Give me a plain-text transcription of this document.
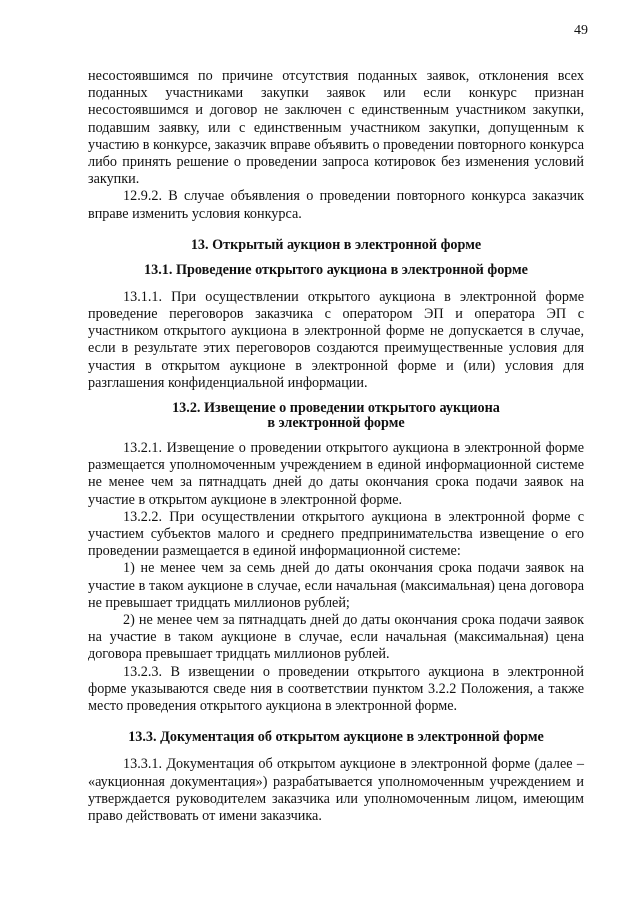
49

несостоявшимся по причине отсутствия поданных заявок, отклонения всех поданных участниками закупки заявок или если конкурс признан несостоявшимся и договор не заключен с единственным участником закупки, подавшим заявку, или с единственным участником закупки, допущенным к участию в конкурсе, заказчик вправе объявить о проведении повторного конкурса либо принять решение о проведении запроса котировок без изменения условий закупки.

12.9.2. В случае объявления о проведении повторного конкурса заказчик вправе изменить условия конкурса.

13. Открытый аукцион в электронной форме
13.1. Проведение открытого аукциона в электронной форме

13.1.1. При осуществлении открытого аукциона в электронной форме проведение переговоров заказчика с оператором ЭП и оператора ЭП с участником открытого аукциона в электронной форме не допускается в случае, если в результате этих переговоров создаются преимущественные условия для участия в открытом аукционе в электронной форме и (или) условия для разглашения конфиденциальной информации.

13.2. Извещение о проведении открытого аукциона
в электронной форме

13.2.1. Извещение о проведении открытого аукциона в электронной форме размещается уполномоченным учреждением в единой информационной системе не менее чем за пятнадцать дней до даты окончания срока подачи заявок на участие в открытом аукционе в электронной форме.

13.2.2. При осуществлении открытого аукциона в электронной форме с участием субъектов малого и среднего предпринимательства извещение о его проведении размещается в единой информационной системе:

1) не менее чем за семь дней до даты окончания срока подачи заявок на участие в таком аукционе в случае, если начальная (максимальная) цена договора не превышает тридцать миллионов рублей;

2) не менее чем за пятнадцать дней до даты окончания срока подачи заявок на участие в таком аукционе в случае, если начальная (максимальная) цена договора превышает тридцать миллионов рублей.

13.2.3. В извещении о проведении открытого аукциона в электронной форме указываются сведе ния в соответствии пунктом 3.2.2 Положения, а также место проведения открытого аукциона в электронной форме.

13.3. Документация об открытом аукционе в электронной форме

13.3.1. Документация об открытом аукционе в электронной форме (далее – «аукционная документация») разрабатывается уполномоченным учреждением и утверждается руководителем заказчика или уполномоченным лицом, имеющим право действовать от имени заказчика.
